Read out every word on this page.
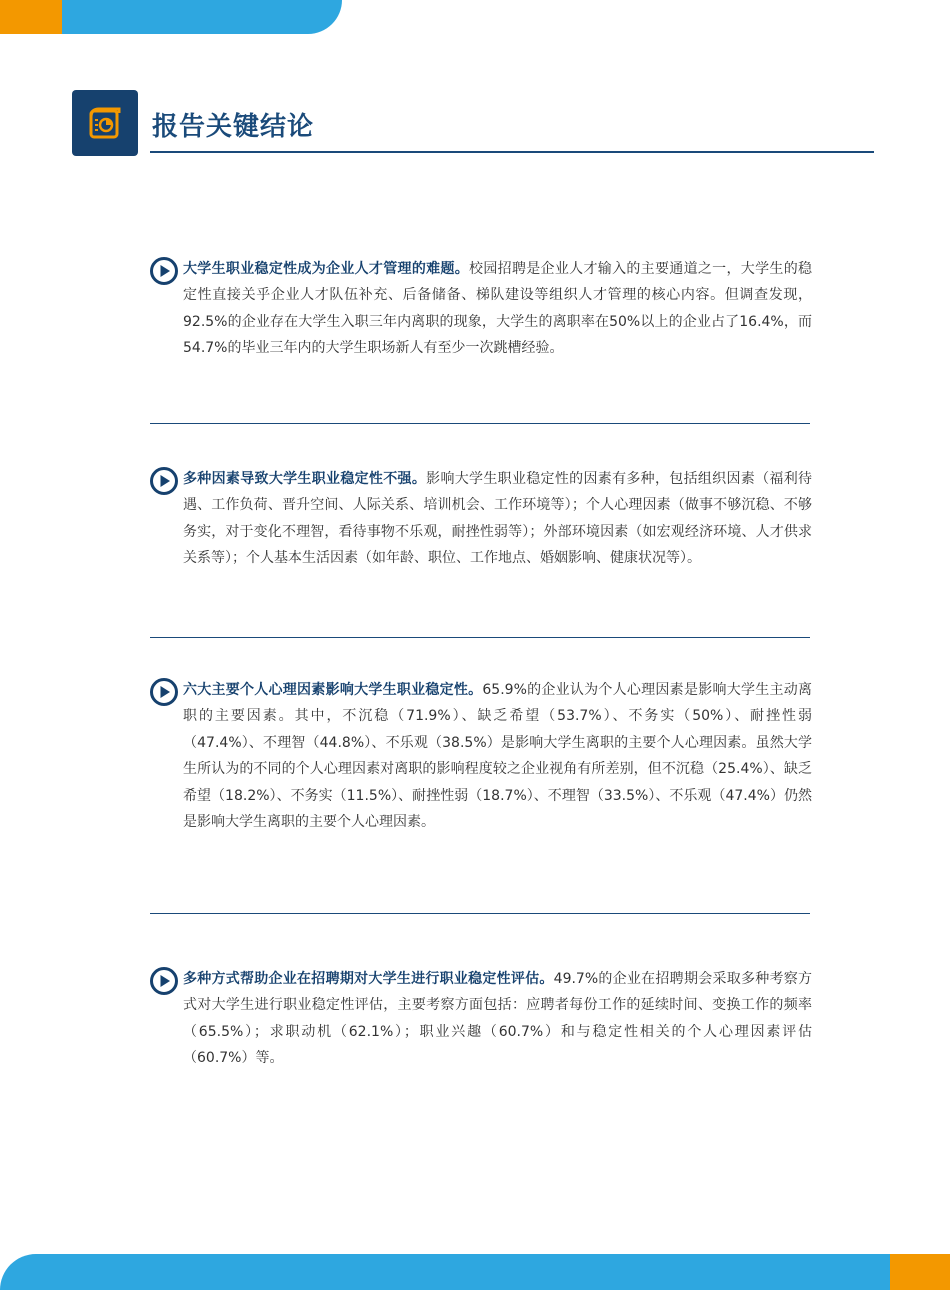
报告关键结论

大学生职业稳定性成为企业人才管理的难题。校园招聘是企业人才输入的主要通道之一，大学生的稳定性直接关乎企业人才队伍补充、后备储备、梯队建设等组织人才管理的核心内容。但调查发现，92.5%的企业存在大学生入职三年内离职的现象，大学生的离职率在50%以上的企业占了16.4%，而54.7%的毕业三年内的大学生职场新人有至少一次跳槽经验。

多种因素导致大学生职业稳定性不强。影响大学生职业稳定性的因素有多种，包括组织因素（福利待遇、工作负荷、晋升空间、人际关系、培训机会、工作环境等）；个人心理因素（做事不够沉稳、不够务实，对于变化不理智，看待事物不乐观，耐挫性弱等）；外部环境因素（如宏观经济环境、人才供求关系等）；个人基本生活因素（如年龄、职位、工作地点、婚姻影响、健康状况等）。

六大主要个人心理因素影响大学生职业稳定性。65.9%的企业认为个人心理因素是影响大学生主动离职的主要因素。其中，不沉稳（71.9%）、缺乏希望（53.7%）、不务实（50%）、耐挫性弱（47.4%）、不理智（44.8%）、不乐观（38.5%）是影响大学生离职的主要个人心理因素。虽然大学生所认为的不同的个人心理因素对离职的影响程度较之企业视角有所差别，但不沉稳（25.4%）、缺乏希望（18.2%）、不务实（11.5%）、耐挫性弱（18.7%）、不理智（33.5%）、不乐观（47.4%）仍然是影响大学生离职的主要个人心理因素。

多种方式帮助企业在招聘期对大学生进行职业稳定性评估。49.7%的企业在招聘期会采取多种考察方式对大学生进行职业稳定性评估，主要考察方面包括：应聘者每份工作的延续时间、变换工作的频率（65.5%）；求职动机（62.1%）；职业兴趣（60.7%）和与稳定性相关的个人心理因素评估（60.7%）等。
